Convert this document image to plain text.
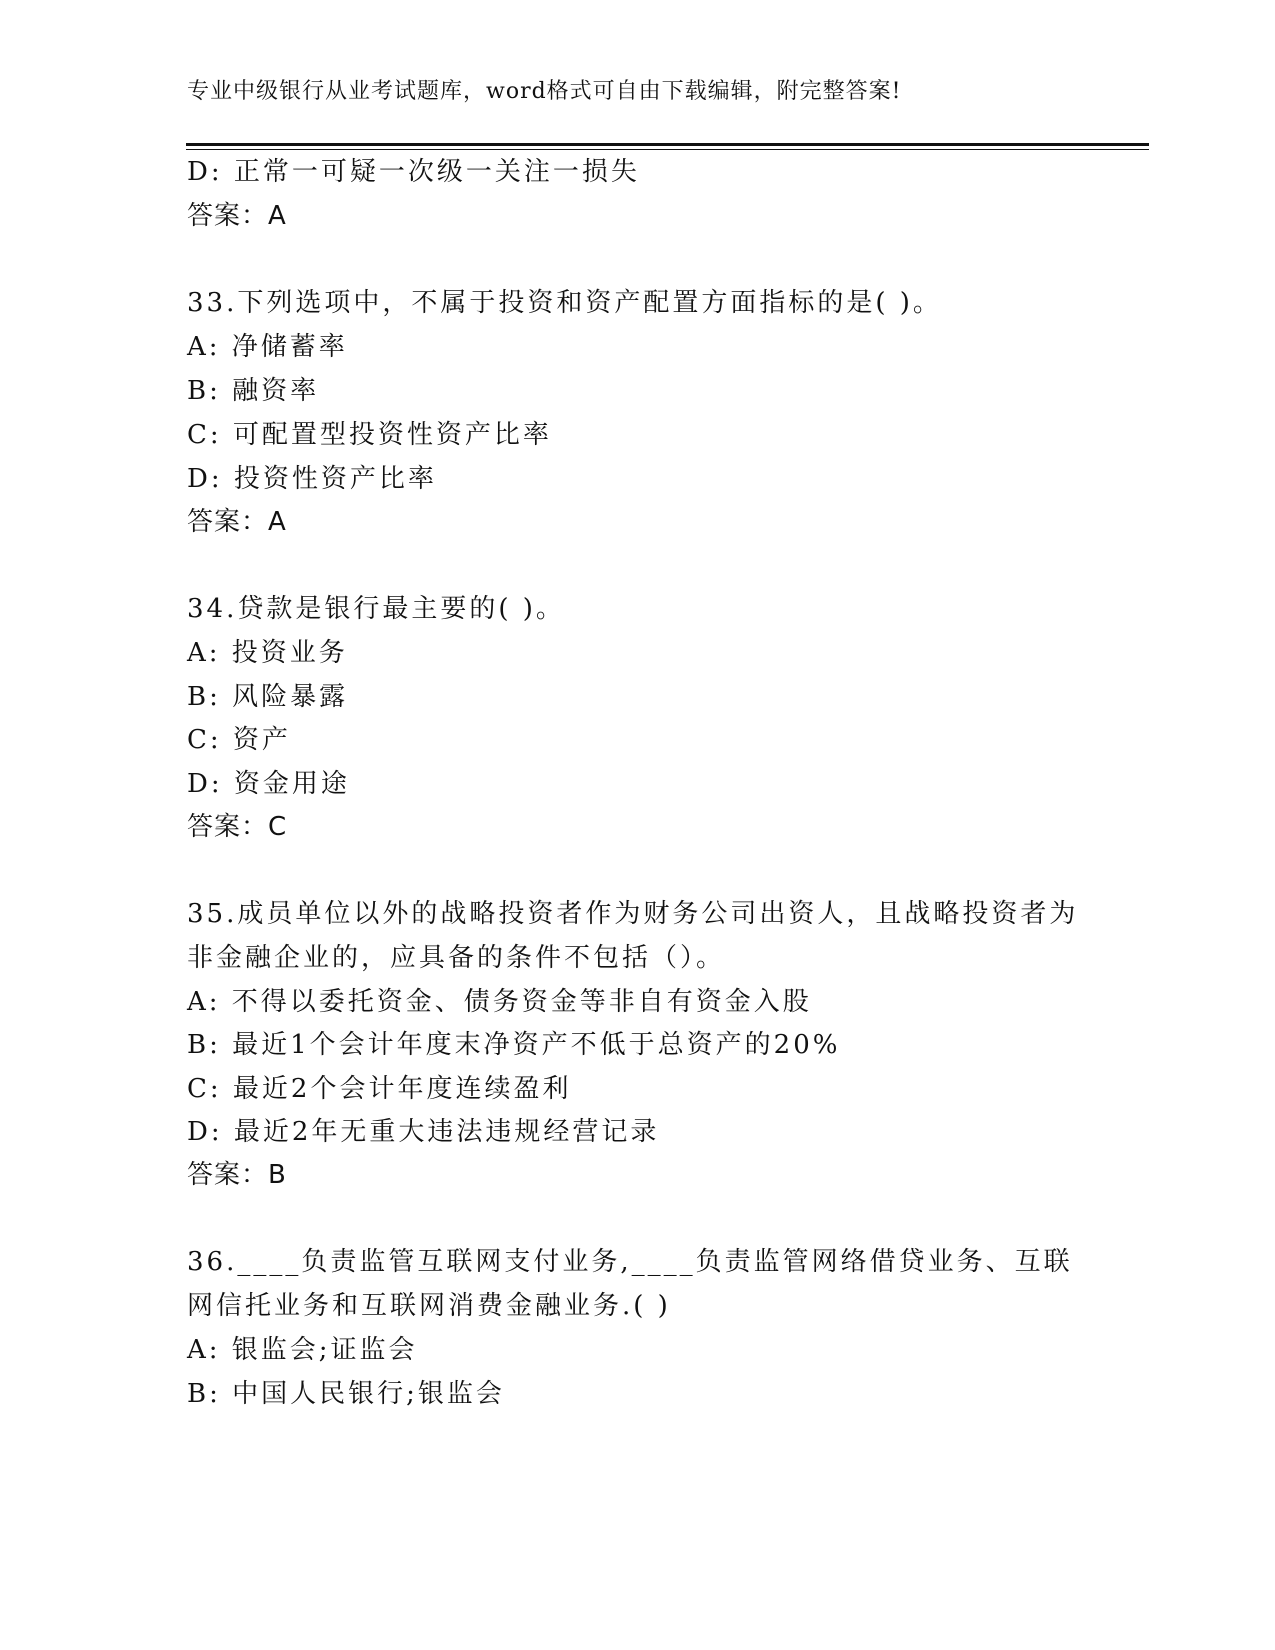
专业中级银行从业考试题库，word格式可自由下载编辑，附完整答案!
D: 正常一可疑一次级一关注一损失
答案：A
33.下列选项中，不属于投资和资产配置方面指标的是( )。
A: 净储蓄率
B: 融资率
C: 可配置型投资性资产比率
D: 投资性资产比率
答案：A
34.贷款是银行最主要的( )。
A: 投资业务
B: 风险暴露
C: 资产
D: 资金用途
答案：C
35.成员单位以外的战略投资者作为财务公司出资人，且战略投资者为
非金融企业的，应具备的条件不包括（）。
A: 不得以委托资金、债务资金等非自有资金入股
B: 最近1个会计年度末净资产不低于总资产的20%
C: 最近2个会计年度连续盈利
D: 最近2年无重大违法违规经营记录
答案：B
36.____负责监管互联网支付业务,____负责监管网络借贷业务、互联
网信托业务和互联网消费金融业务.( )
A: 银监会;证监会
B: 中国人民银行;银监会
